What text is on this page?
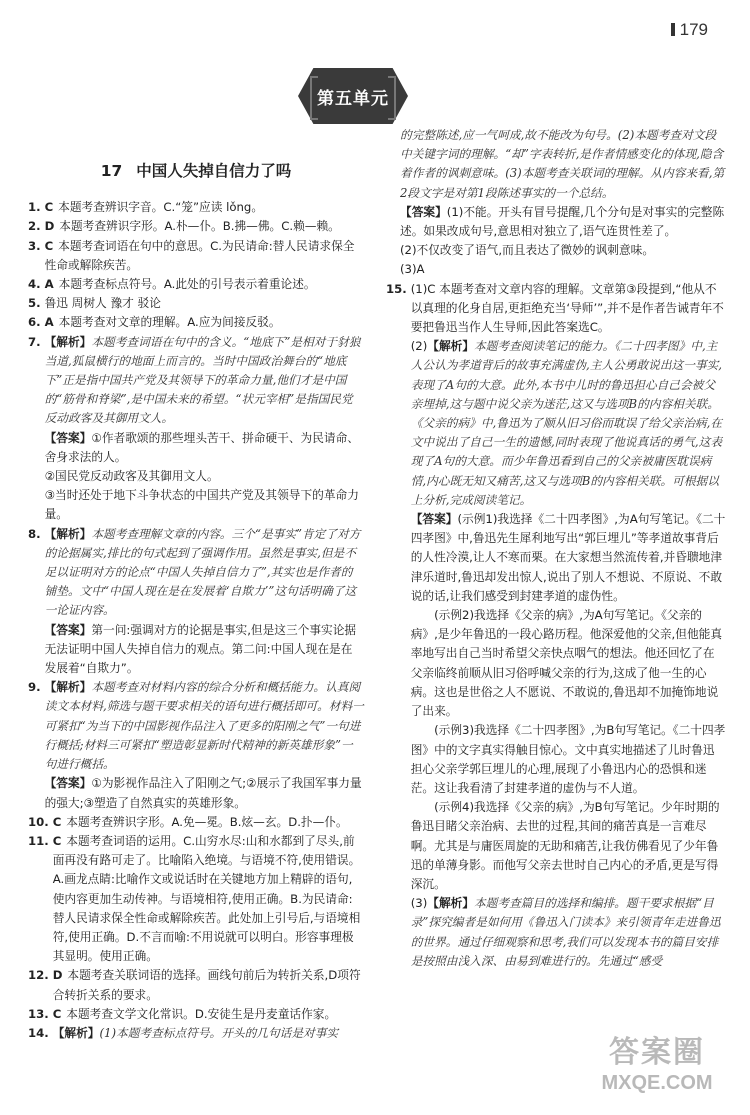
179
第五单元
17 中国人失掉自信力了吗
1. C 本题考查辨识字音。C.“笼”应读 lǒng。
2. D 本题考查辨识字形。A.朴—仆。B.拂—佛。C.赖—赖。
3. C 本题考查词语在句中的意思。C.为民请命:替人民请求保全性命或解除疾苦。
4. A 本题考查标点符号。A.此处的引号表示着重论述。
5. 鲁迅 周树人 豫才 驳论
6. A 本题考查对文章的理解。A.应为间接反驳。
7. 【解析】本题考查词语在句中的含义。“地底下”是相对于豺狼当道,狐鼠横行的地面上而言的。当时中国政治舞台的“地底下”正是指中国共产党及其领导下的革命力量,他们才是中国的“筋骨和脊梁”,是中国未来的希望。“状元宰相”是指国民党反动政客及其御用文人。
【答案】①作者歌颂的那些埋头苦干、拼命硬干、为民请命、舍身求法的人。
②国民党反动政客及其御用文人。
③当时还处于地下斗争状态的中国共产党及其领导下的革命力量。
8. 【解析】本题考查理解文章的内容。三个“是事实”肯定了对方的论据属实,排比的句式起到了强调作用。虽然是事实,但是不足以证明对方的论点“中国人失掉自信力了”,其实也是作者的铺垫。文中“中国人现在是在发展着‘自欺力’”这句话明确了这一论证内容。
【答案】第一问:强调对方的论据是事实,但是这三个事实论据无法证明中国人失掉自信力的观点。第二问:中国人现在是在发展着“自欺力”。
9. 【解析】本题考查对材料内容的综合分析和概括能力。认真阅读文本材料,筛选与题干要求相关的语句进行概括即可。材料一可紧扣“为当下的中国影视作品注入了更多的阳刚之气”一句进行概括;材料三可紧扣“塑造彰显新时代精神的新英雄形象”一句进行概括。
【答案】①为影视作品注入了阳刚之气;②展示了我国军事力量的强大;③塑造了自然真实的英雄形象。
10. C 本题考查辨识字形。A.免—冕。B.炫—玄。D.扑—仆。
11. C 本题考查词语的运用。C.山穷水尽:山和水都到了尽头,前面再没有路可走了。比喻陷入绝境。与语境不符,使用错误。A.画龙点睛:比喻作文或说话时在关键地方加上精辟的语句,使内容更加生动传神。与语境相符,使用正确。B.为民请命:替人民请求保全性命或解除疾苦。此处加上引号后,与语境相符,使用正确。D.不言而喻:不用说就可以明白。形容事理极其显明。使用正确。
12. D 本题考查关联词语的选择。画线句前后为转折关系,D项符合转折关系的要求。
13. C 本题考查文学文化常识。D.安徒生是丹麦童话作家。
14. 【解析】(1)本题考查标点符号。开头的几句话是对事实
的完整陈述,应一气呵成,故不能改为句号。(2)本题考查对文段中关键字词的理解。“却”字表转折,是作者情感变化的体现,隐含着作者的讽刺意味。(3)本题考查关联词的理解。从内容来看,第2段文字是对第1段陈述事实的一个总结。
【答案】(1)不能。开头有冒号提醒,几个分句是对事实的完整陈述。如果改成句号,意思相对独立了,语气连贯性差了。
(2)不仅改变了语气,而且表达了微妙的讽刺意味。
(3)A
15. (1)C 本题考查对文章内容的理解。文章第③段提到,“他从不以真理的化身自居,更拒绝充当‘导师’”,并不是作者告诫青年不要把鲁迅当作人生导师,因此答案选C。
(2)【解析】本题考查阅读笔记的能力。《二十四孝图》中,主人公认为孝道背后的故事充满虚伪,主人公勇敢说出这一事实,表现了A句的大意。此外,本书中儿时的鲁迅担心自己会被父亲埋掉,这与题中说父亲为迷茫,这又与选项B的内容相关联。《父亲的病》中,鲁迅为了顺从旧习俗而耽误了给父亲治病,在文中说出了自己一生的遗憾,同时表现了他说真话的勇气,这表现了A句的大意。而少年鲁迅看到自己的父亲被庸医耽误病情,内心既无知又痛苦,这又与选项B的内容相关联。可根据以上分析,完成阅读笔记。
【答案】(示例1)我选择《二十四孝图》,为A句写笔记。《二十四孝图》中,鲁迅先生犀利地写出“郭巨埋儿”等孝道故事背后的人性冷漠,让人不寒而栗。在大家想当然流传着,并昏聩地津津乐道时,鲁迅却发出惊人,说出了别人不想说、不原说、不敢说的话,让我们感受到封建孝道的虚伪性。
(示例2)我选择《父亲的病》,为A句写笔记。《父亲的病》,是少年鲁迅的一段心路历程。他深爱他的父亲,但他能真率地写出自己当时希望父亲快点咽气的想法。他还回忆了在父亲临终前顺从旧习俗呼喊父亲的行为,这成了他一生的心病。这也是世俗之人不愿说、不敢说的,鲁迅却不加掩饰地说了出来。
(示例3)我选择《二十四孝图》,为B句写笔记。《二十四孝图》中的文字真实得触目惊心。文中真实地描述了儿时鲁迅担心父亲学郭巨埋儿的心理,展现了小鲁迅内心的恐惧和迷茫。这让我看清了封建孝道的虚伪与不人道。
(示例4)我选择《父亲的病》,为B句写笔记。少年时期的鲁迅目睹父亲治病、去世的过程,其间的痛苦真是一言难尽啊。尤其是与庸医周旋的无助和痛苦,让我仿佛看见了少年鲁迅的单薄身影。而他写父亲去世时自己内心的矛盾,更是写得深沉。
(3)【解析】本题考查篇目的选择和编排。题干要求根据“目录”探究编者是如何用《鲁迅入门读本》来引领青年走进鲁迅的世界。通过仔细观察和思考,我们可以发现本书的篇目安排是按照由浅入深、由易到难进行的。先通过“感受
答案圈
MXQE.COM
